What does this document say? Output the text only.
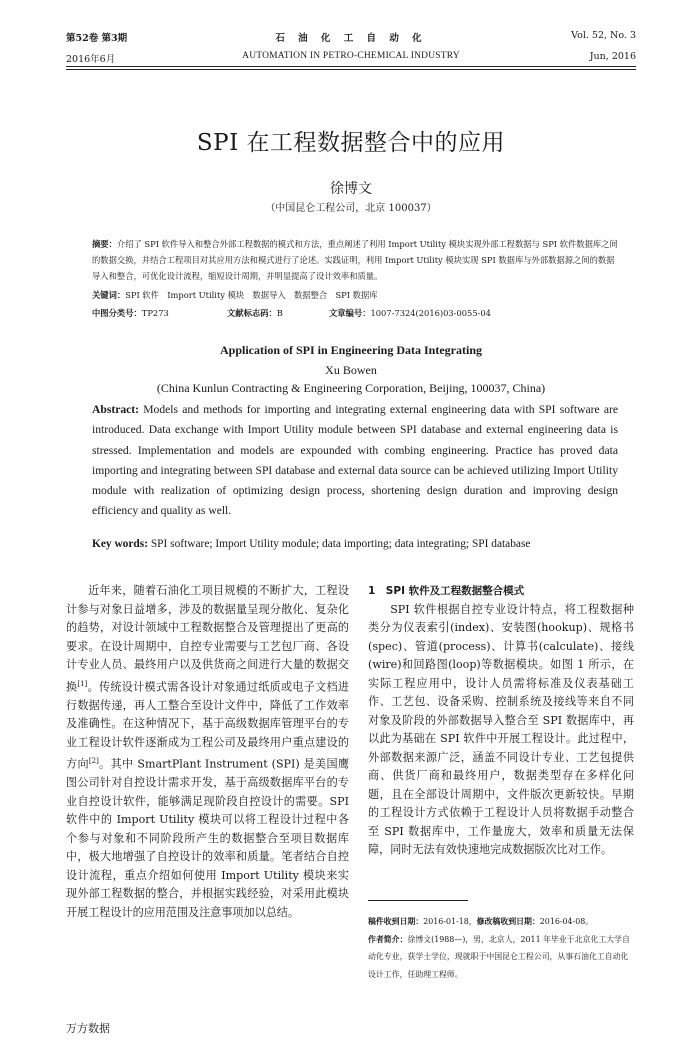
第52卷 第3期	石 油 化 工 自 动 化	Vol. 52, No. 3
2016年6月	AUTOMATION IN PETRO-CHEMICAL INDUSTRY	Jun, 2016
SPI 在工程数据整合中的应用
徐博文
（中国昆仑工程公司，北京 100037）
摘要：介绍了 SPI 软件导入和整合外部工程数据的模式和方法，重点阐述了利用 Import Utility 模块实现外部工程数据与 SPI 软件数据库之间的数据交换，并结合工程项目对其应用方法和模式进行了论述。实践证明，利用 Import Utility 模块实现 SPI 数据库与外部数据源之间的数据导入和整合，可优化设计流程，缩短设计周期，并明显提高了设计效率和质量。
关键词：SPI 软件　Import Utility 模块　数据导入　数据整合　SPI 数据库
中图分类号：TP273	文献标志码：B	文章编号：1007-7324(2016)03-0055-04
Application of SPI in Engineering Data Integrating
Xu Bowen
(China Kunlun Contracting & Engineering Corporation, Beijing, 100037, China)
Abstract: Models and methods for importing and integrating external engineering data with SPI software are introduced. Data exchange with Import Utility module between SPI database and external engineering data is stressed. Implementation and models are expounded with combing engineering. Practice has proved data importing and integrating between SPI database and external data source can be achieved utilizing Import Utility module with realization of optimizing design process, shortening design duration and improving design efficiency and quality as well.
Key words: SPI software; Import Utility module; data importing; data integrating; SPI database

近年来，随着石油化工项目规模的不断扩大，工程设计参与对象日益增多，涉及的数据量呈现分散化、复杂化的趋势，对设计领域中工程数据整合及管理提出了更高的要求。在设计周期中，自控专业需要与工艺包厂商、各设计专业人员、最终用户以及供货商之间进行大量的数据交换[1]。传统设计模式需各设计对象通过纸质或电子文档进行数据传递，再人工整合至设计文件中，降低了工作效率及准确性。在这种情况下，基于高级数据库管理平台的专业工程设计软件逐渐成为工程公司及最终用户重点建设的方向[2]。其中 SmartPlant Instrument (SPI) 是美国鹰图公司针对自控设计需求开发，基于高级数据库平台的专业自控设计软件，能够满足现阶段自控设计的需要。SPI 软件中的 Import Utility 模块可以将工程设计过程中各个参与对象和不同阶段所产生的数据整合至项目数据库中，极大地增强了自控设计的效率和质量。笔者结合自控设计流程，重点介绍如何使用 Import Utility 模块来实现外部工程数据的整合，并根据实践经验，对采用此模块开展工程设计的应用范围及注意事项加以总结。

1　SPI 软件及工程数据整合模式

SPI 软件根据自控专业设计特点，将工程数据种类分为仪表索引(index)、安装图(hookup)、规格书(spec)、管道(process)、计算书(calculate)、接线(wire)和回路图(loop)等数据模块。如图 1 所示，在实际工程应用中，设计人员需将标准及仪表基础工作、工艺包、设备采购、控制系统及接线等来自不同对象及阶段的外部数据导入整合至 SPI 数据库中，再以此为基础在 SPI 软件中开展工程设计。此过程中，外部数据来源广泛，涵盖不同设计专业、工艺包提供商、供货厂商和最终用户，数据类型存在多样化问题，且在全部设计周期中，文件版次更新较快。早期的工程设计方式依赖于工程设计人员将数据手动整合至 SPI 数据库中，工作量庞大，效率和质量无法保障，同时无法有效快速地完成数据版次比对工作。

稿件收到日期：2016-01-18，修改稿收到日期：2016-04-08。

作者简介：徐博文(1988—)，男，北京人，2011 年毕业于北京化工大学自动化专业，获学士学位，现就职于中国昆仑工程公司，从事石油化工自动化设计工作，任助理工程师。

万方数据
